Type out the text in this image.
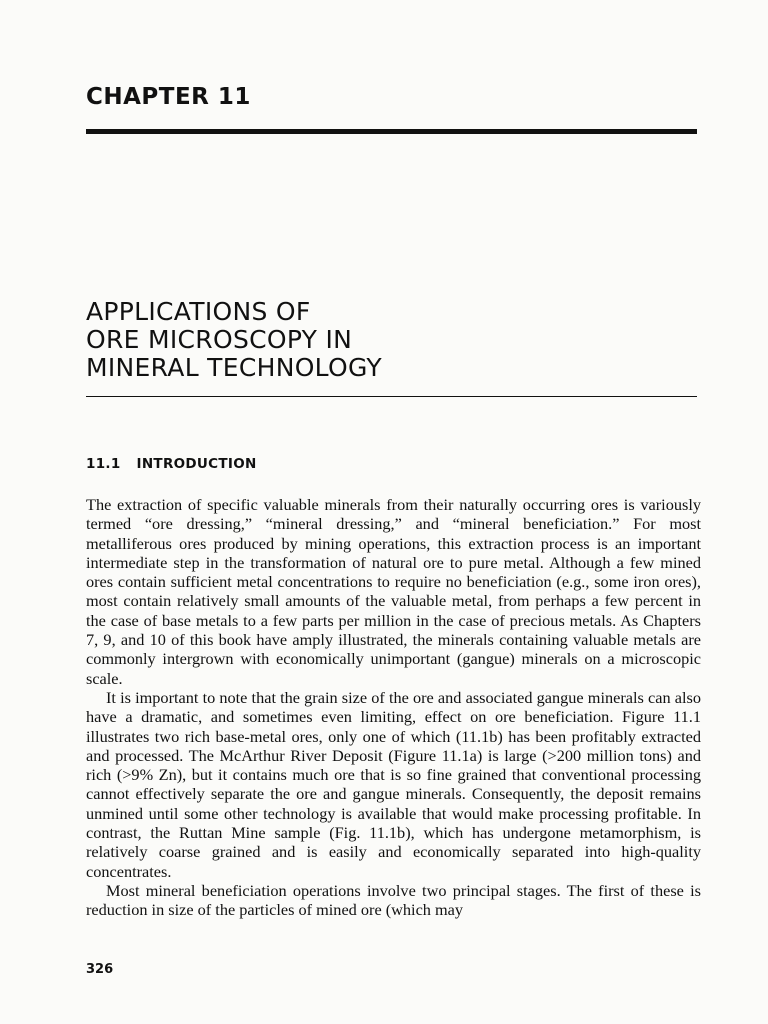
CHAPTER 11
APPLICATIONS OF
ORE MICROSCOPY IN
MINERAL TECHNOLOGY
11.1 INTRODUCTION

The extraction of specific valuable minerals from their naturally occurring ores is variously termed “ore dressing,” “mineral dressing,” and “mineral beneficiation.” For most metalliferous ores produced by mining operations, this extraction process is an important intermediate step in the transformation of natural ore to pure metal. Although a few mined ores contain sufficient metal concentrations to require no beneficiation (e.g., some iron ores), most contain relatively small amounts of the valuable metal, from perhaps a few percent in the case of base metals to a few parts per million in the case of precious metals. As Chapters 7, 9, and 10 of this book have amply illustrated, the minerals containing valuable metals are commonly intergrown with economically unimportant (gangue) minerals on a microscopic scale.

It is important to note that the grain size of the ore and associated gangue minerals can also have a dramatic, and sometimes even limiting, effect on ore beneficiation. Figure 11.1 illustrates two rich base-metal ores, only one of which (11.1b) has been profitably extracted and processed. The McArthur River Deposit (Figure 11.1a) is large (>200 million tons) and rich (>9% Zn), but it contains much ore that is so fine grained that conventional processing cannot effectively separate the ore and gangue minerals. Consequently, the deposit remains unmined until some other technology is available that would make processing profitable. In contrast, the Ruttan Mine sample (Fig. 11.1b), which has undergone metamorphism, is relatively coarse grained and is easily and economically separated into high-quality concentrates.

Most mineral beneficiation operations involve two principal stages. The first of these is reduction in size of the particles of mined ore (which may

326
